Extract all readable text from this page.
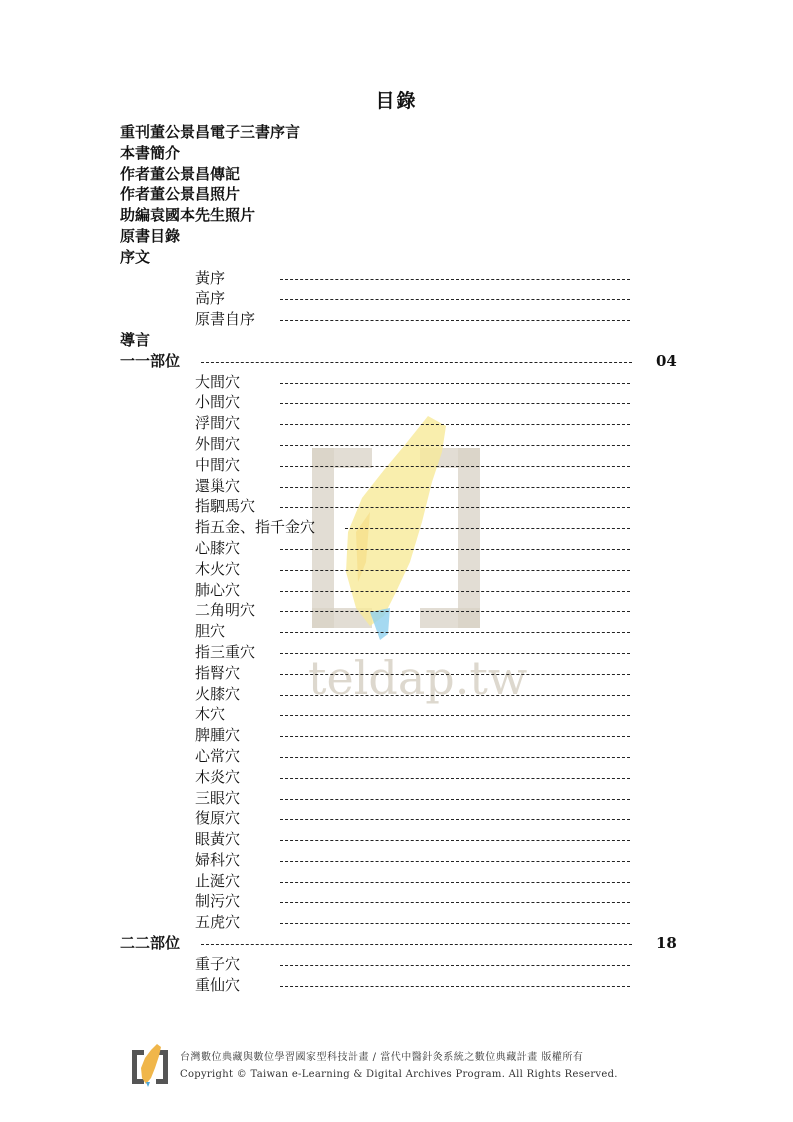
teldap.tw
目錄
重刊董公景昌電子三書序言
本書簡介
作者董公景昌傳記
作者董公景昌照片
助編袁國本先生照片
原書目錄
序文
黃序
高序
原書自序
導言
一一部位	04
大間穴
小間穴
浮間穴
外間穴
中間穴
還巢穴
指駟馬穴
指五金、指千金穴
心膝穴
木火穴
肺心穴
二角明穴
胆穴
指三重穴
指腎穴
火膝穴
木穴
脾腫穴
心常穴
木炎穴
三眼穴
復原穴
眼黃穴
婦科穴
止涎穴
制污穴
五虎穴
二二部位	18
重子穴
重仙穴
台灣數位典藏與數位學習國家型科技計畫 / 當代中醫針灸系統之數位典藏計畫 版權所有
Copyright © Taiwan e-Learning & Digital Archives Program. All Rights Reserved.
